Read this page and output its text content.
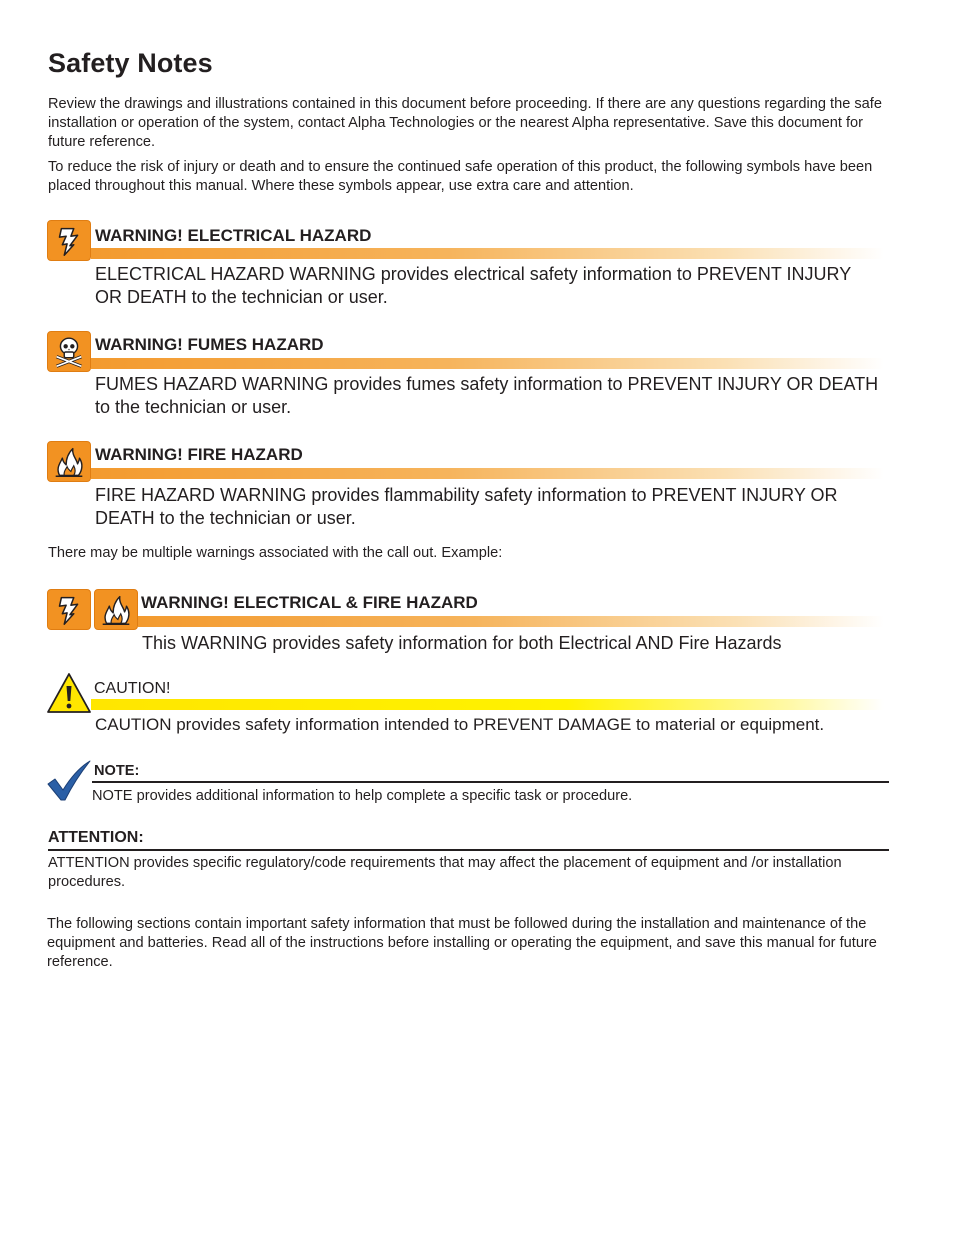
Safety Notes

Review the drawings and illustrations contained in this document before proceeding. If there are any questions regarding the safe installation or operation of the system, contact Alpha Technologies or the nearest Alpha representative. Save this document for future reference.

To reduce the risk of injury or death and to ensure the continued safe operation of this product, the following symbols have been placed throughout this manual. Where these symbols appear, use extra care and attention.

WARNING! ELECTRICAL HAZARD

ELECTRICAL HAZARD WARNING provides electrical safety information to PREVENT INJURY OR DEATH to the technician or user.

WARNING! FUMES HAZARD

FUMES HAZARD WARNING provides fumes safety information to PREVENT INJURY OR DEATH to the technician or user.

WARNING! FIRE HAZARD

FIRE HAZARD WARNING provides flammability safety information to PREVENT INJURY OR DEATH to the technician or user.

There may be multiple warnings associated with the call out. Example:

WARNING! ELECTRICAL & FIRE HAZARD

This WARNING provides safety information for both Electrical AND Fire Hazards

CAUTION!

CAUTION provides safety information intended to PREVENT DAMAGE to material or equipment.

NOTE:

NOTE provides additional information to help complete a specific task or procedure.

ATTENTION:

ATTENTION provides specific regulatory/code requirements that may affect the placement of equipment and /or installation procedures.

The following sections contain important safety information that must be followed during the installation and maintenance of the equipment and batteries. Read all of the instructions before installing or operating the equipment, and save this manual for future reference.
